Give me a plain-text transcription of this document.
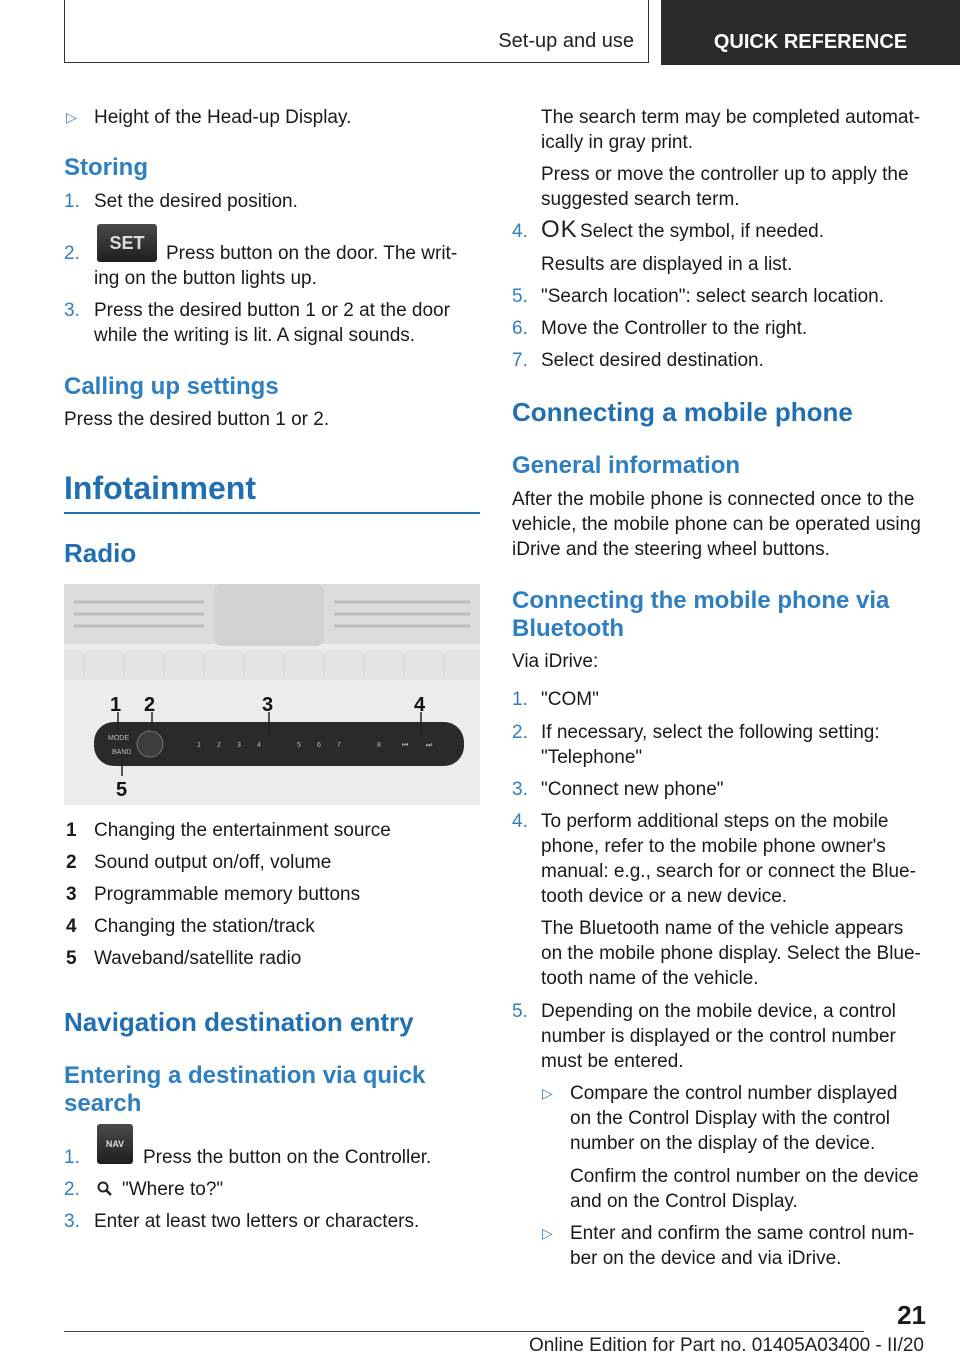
Set-up and use	QUICK REFERENCE
▷ Height of the Head-up Display.
Storing
1. Set the desired position.
2.	SET	Press button on the door. The writ-
ing on the button lights up.
3. Press the desired button 1 or 2 at the door
while the writing is lit. A signal sounds.
Calling up settings
Press the desired button 1 or 2.
Infotainment
Radio
MODE
BAND
1 2 3 4	5 6 7	8	⏮	⏭
1 2	3	4
5
1 Changing the entertainment source
2 Sound output on/off, volume
3 Programmable memory buttons
4 Changing the station/track
5 Waveband/satellite radio
Navigation destination entry
Entering a destination via quick
search
1.
NAV
Press the button on the Controller.
2. "Where to?"
3. Enter at least two letters or characters.
The search term may be completed automat-
ically in gray print.
Press or move the controller up to apply the
suggested search term.
4. OK Select the symbol, if needed.
Results are displayed in a list.
5. "Search location": select search location.
6. Move the Controller to the right.
7. Select desired destination.
Connecting a mobile phone
General information
After the mobile phone is connected once to the
vehicle, the mobile phone can be operated using
iDrive and the steering wheel buttons.
Connecting the mobile phone via
Bluetooth
Via iDrive:
1. "COM"
2. If necessary, select the following setting:
"Telephone"
3. "Connect new phone"
4. To perform additional steps on the mobile
phone, refer to the mobile phone owner's
manual: e.g., search for or connect the Blue-
tooth device or a new device.
The Bluetooth name of the vehicle appears
on the mobile phone display. Select the Blue-
tooth name of the vehicle.
5. Depending on the mobile device, a control
number is displayed or the control number
must be entered.
▷ Compare the control number displayed
on the Control Display with the control
number on the display of the device.
Confirm the control number on the device
and on the Control Display.
▷ Enter and confirm the same control num-
ber on the device and via iDrive.
21
Online Edition for Part no. 01405A03400 - II/20
